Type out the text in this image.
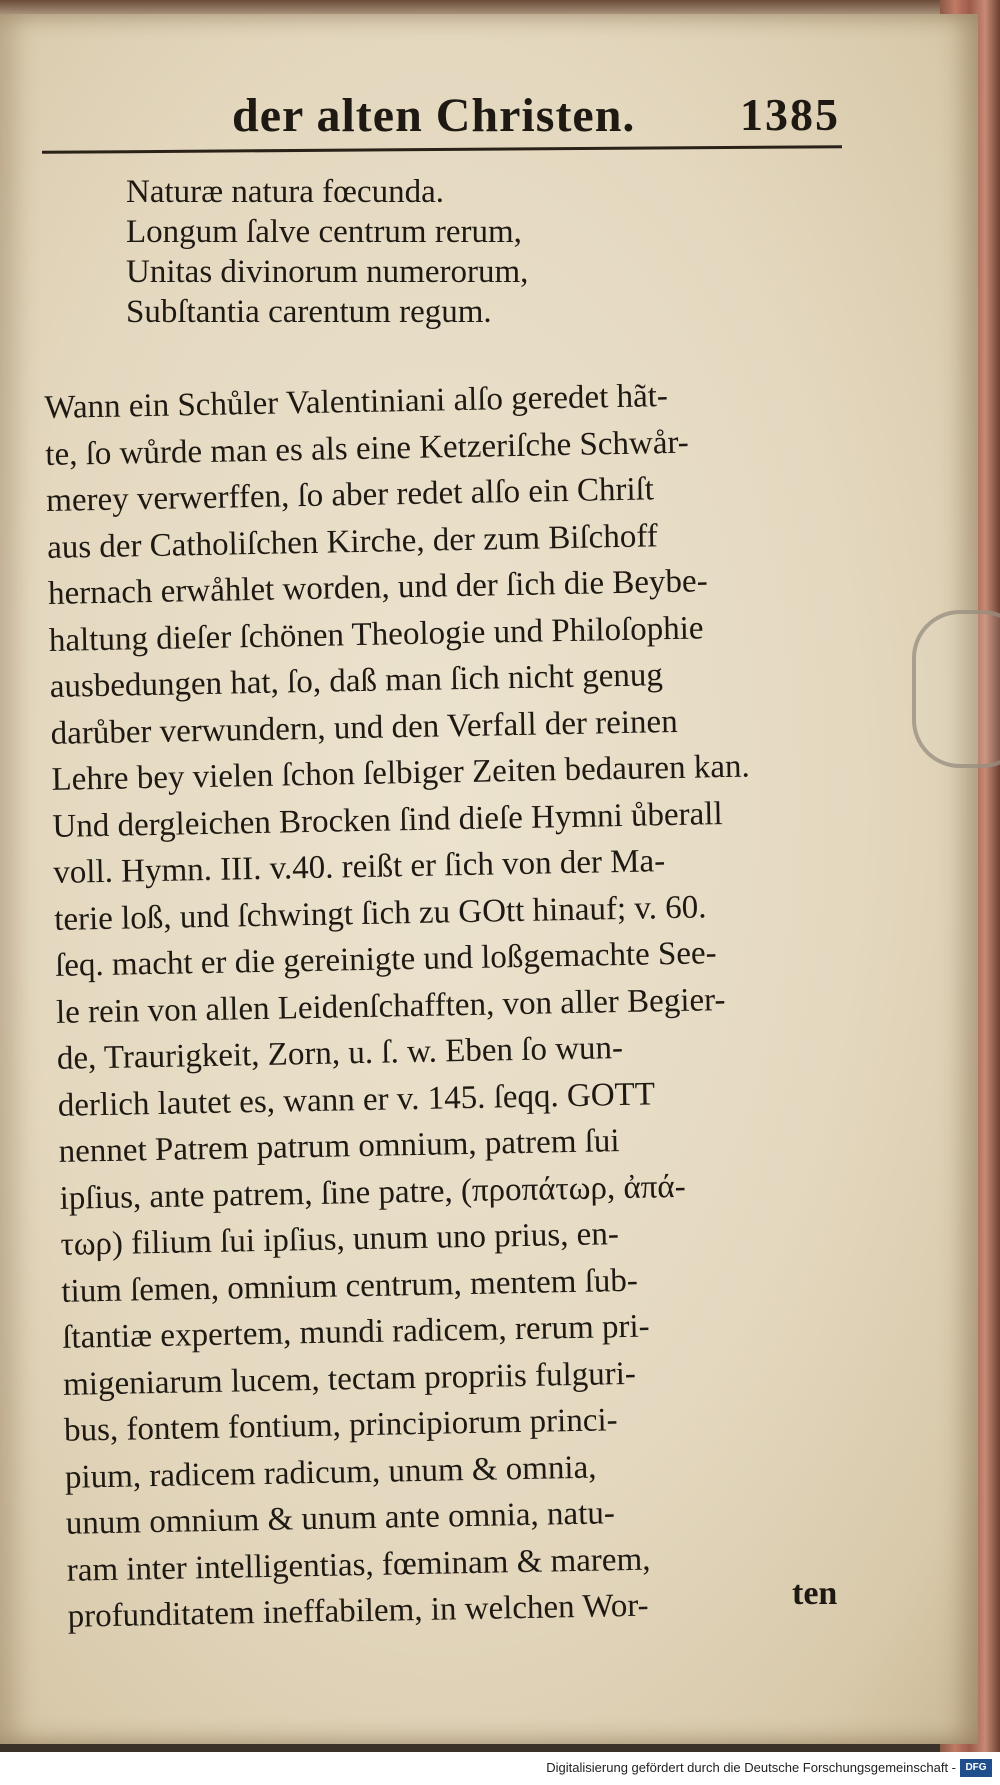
der alten Christen. 1385
Naturæ natura fœcunda.
Longum ſalve centrum rerum,
Unitas divinorum numerorum,
Subſtantia carentum regum.
Wann ein Schůler Valentiniani alſo geredet hãt-
te, ſo wůrde man es als eine Ketzeriſche Schwår-
merey verwerffen, ſo aber redet alſo ein Chriſt
aus der Catholiſchen Kirche, der zum Biſchoff
hernach erwåhlet worden, und der ſich die Beybe-
haltung dieſer ſchönen Theologie und Philoſophie
ausbedungen hat, ſo, daß man ſich nicht genug
darůber verwundern, und den Verfall der reinen
Lehre bey vielen ſchon ſelbiger Zeiten bedauren kan.
Und dergleichen Brocken ſind dieſe Hymni ůberall
voll. Hymn. III. v.40. reißt er ſich von der Ma-
terie loß, und ſchwingt ſich zu GOtt hinauf; v. 60.
ſeq. macht er die gereinigte und loßgemachte See-
le rein von allen Leidenſchafften, von aller Begier-
de, Traurigkeit, Zorn, u. ſ. w. Eben ſo wun-
derlich lautet es, wann er v. 145. ſeqq. GOTT
nennet Patrem patrum omnium, patrem ſui
ipſius, ante patrem, ſine patre, (προπάτωρ, ἀπά-
τωρ) filium ſui ipſius, unum uno prius, en-
tium ſemen, omnium centrum, mentem ſub-
ſtantiæ expertem, mundi radicem, rerum pri-
migeniarum lucem, tectam propriis fulguri-
bus, fontem fontium, principiorum princi-
pium, radicem radicum, unum & omnia,
unum omnium & unum ante omnia, natu-
ram inter intelligentias, fœminam & marem,
profunditatem ineffabilem, in welchen Wor-	ten
Digitalisierung gefördert durch die Deutsche Forschungsgemeinschaft - DFG
